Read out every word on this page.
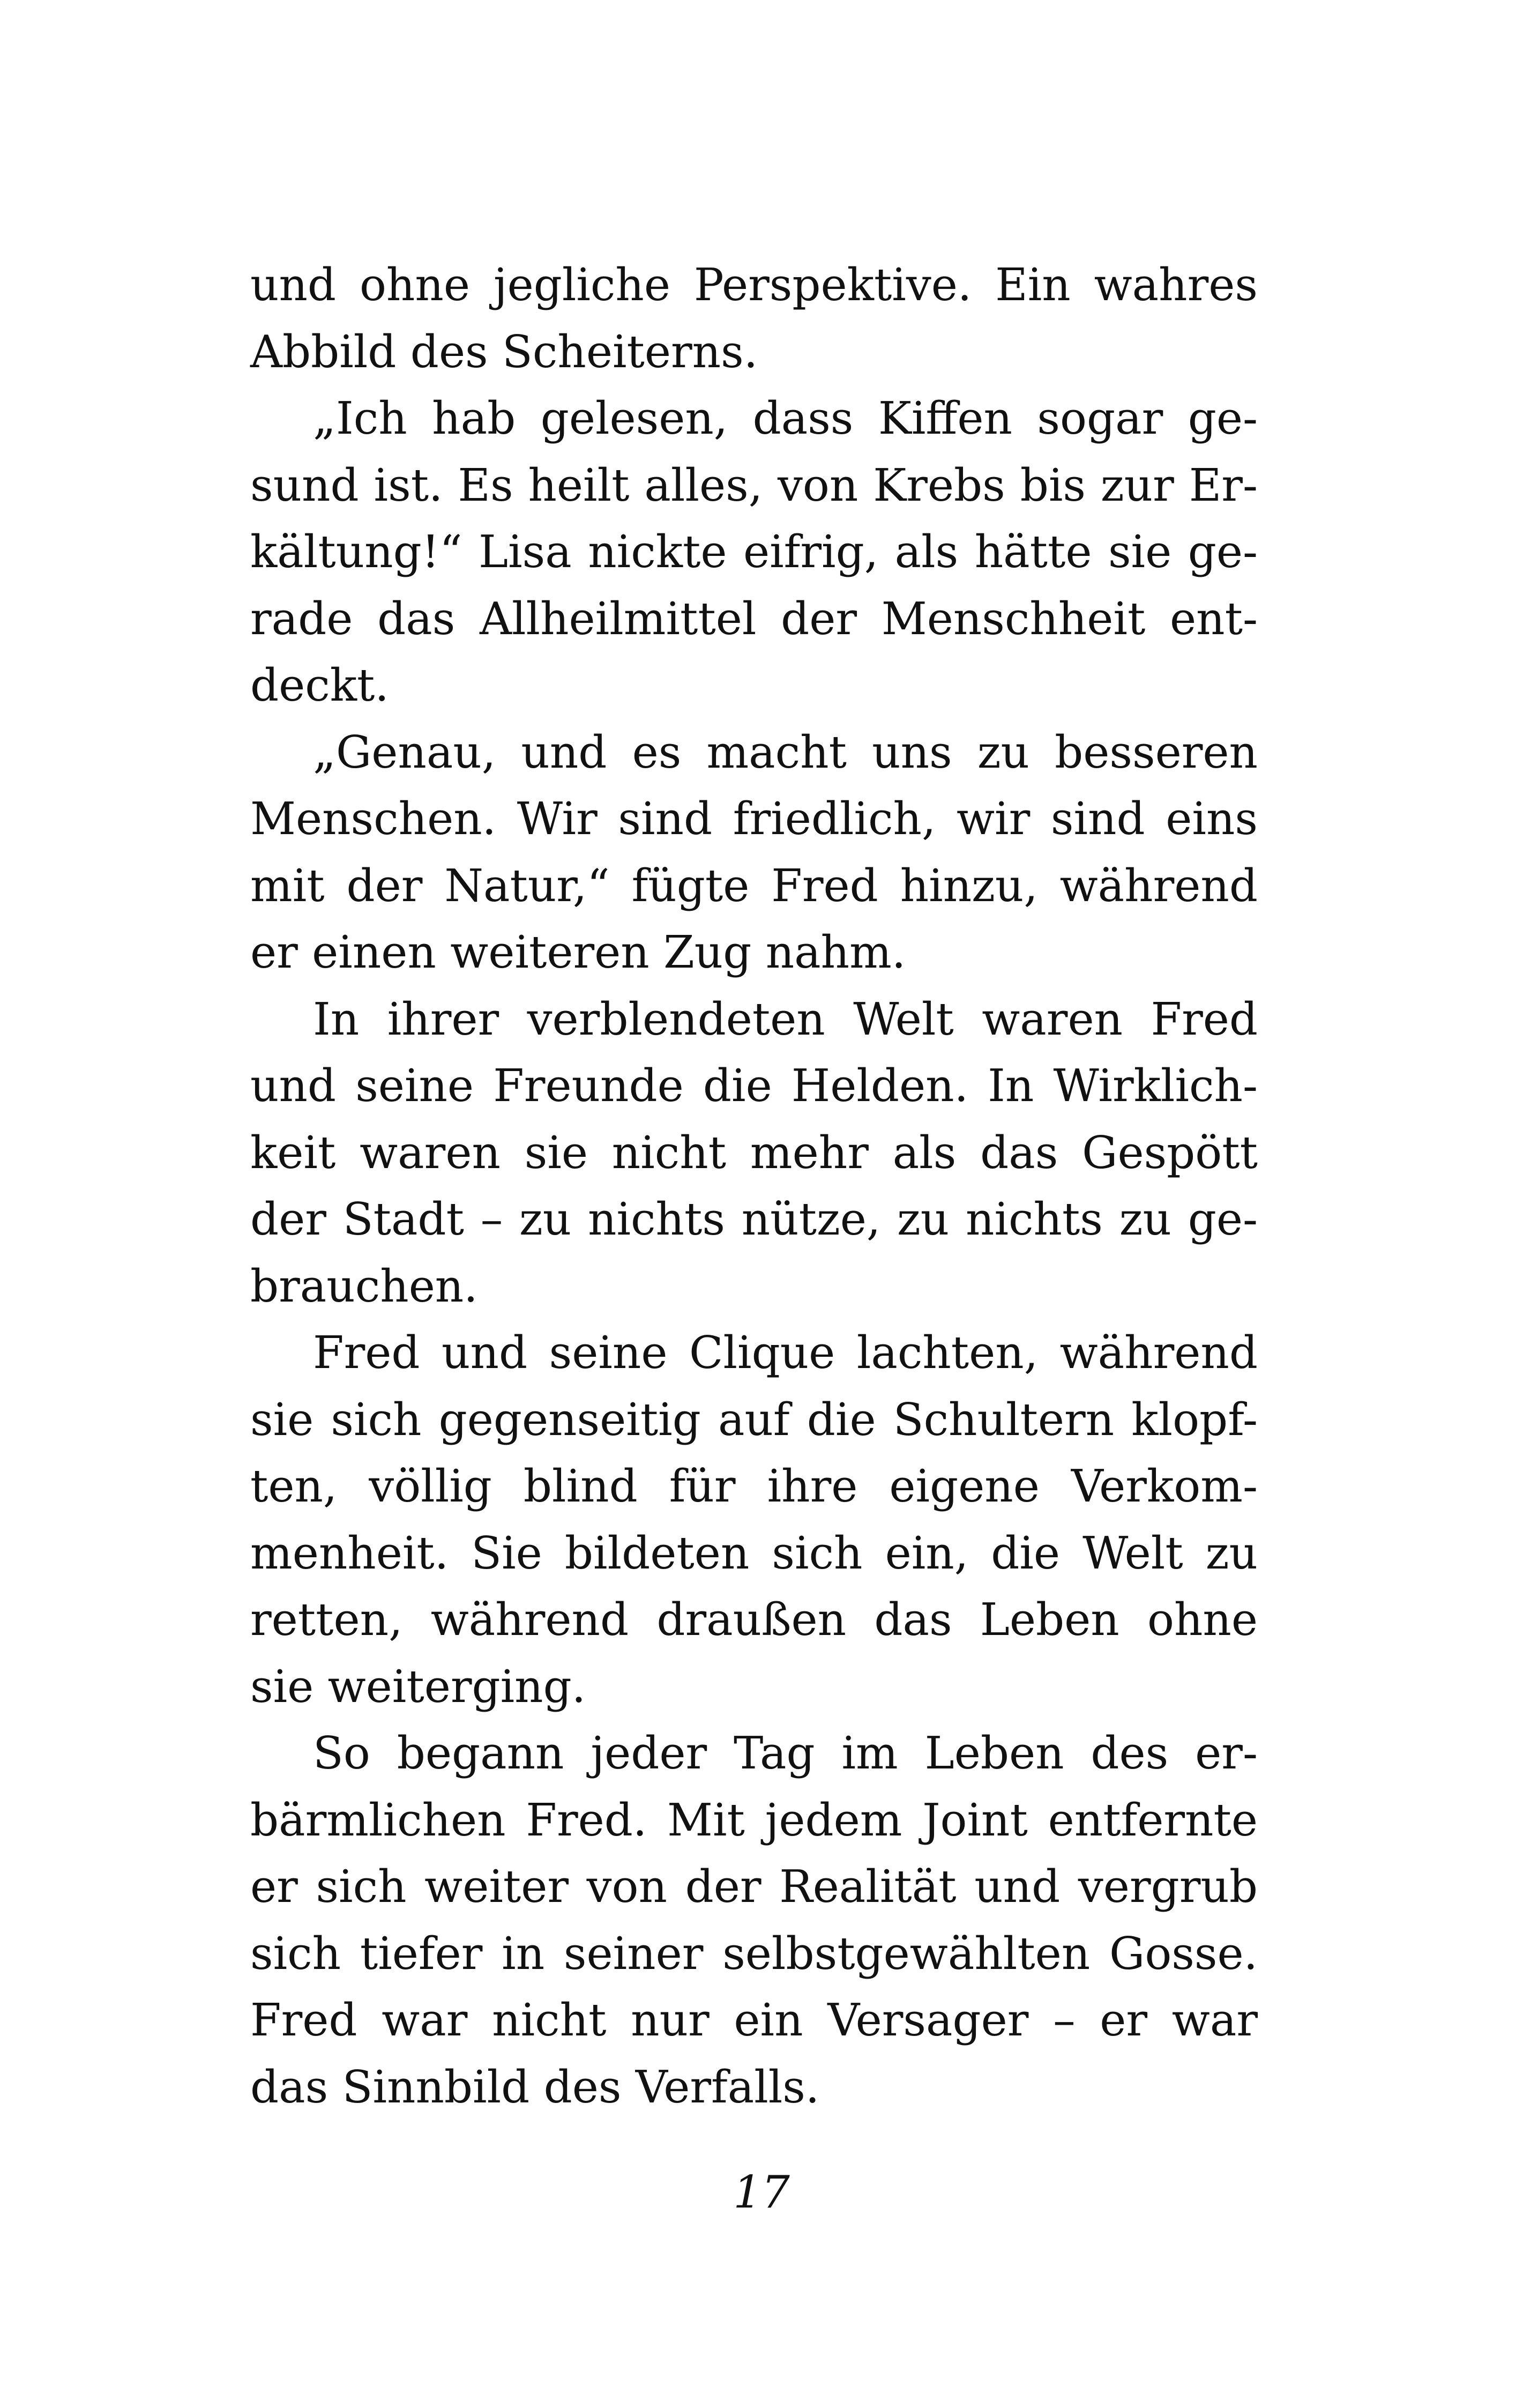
und ohne jegliche Perspektive. Ein wahres
Abbild des Scheiterns.

„Ich hab gelesen, dass Kiffen sogar ge-
sund ist. Es heilt alles, von Krebs bis zur Er-
kältung!“ Lisa nickte eifrig, als hätte sie ge-
rade das Allheilmittel der Menschheit ent-
deckt.

„Genau, und es macht uns zu besseren
Menschen. Wir sind friedlich, wir sind eins
mit der Natur,“ fügte Fred hinzu, während
er einen weiteren Zug nahm.

In ihrer verblendeten Welt waren Fred
und seine Freunde die Helden. In Wirklich-
keit waren sie nicht mehr als das Gespött
der Stadt – zu nichts nütze, zu nichts zu ge-
brauchen.

Fred und seine Clique lachten, während
sie sich gegenseitig auf die Schultern klopf-
ten, völlig blind für ihre eigene Verkom-
menheit. Sie bildeten sich ein, die Welt zu
retten, während draußen das Leben ohne
sie weiterging.

So begann jeder Tag im Leben des er-
bärmlichen Fred. Mit jedem Joint entfernte
er sich weiter von der Realität und vergrub
sich tiefer in seiner selbstgewählten Gosse.
Fred war nicht nur ein Versager – er war
das Sinnbild des Verfalls.

17
